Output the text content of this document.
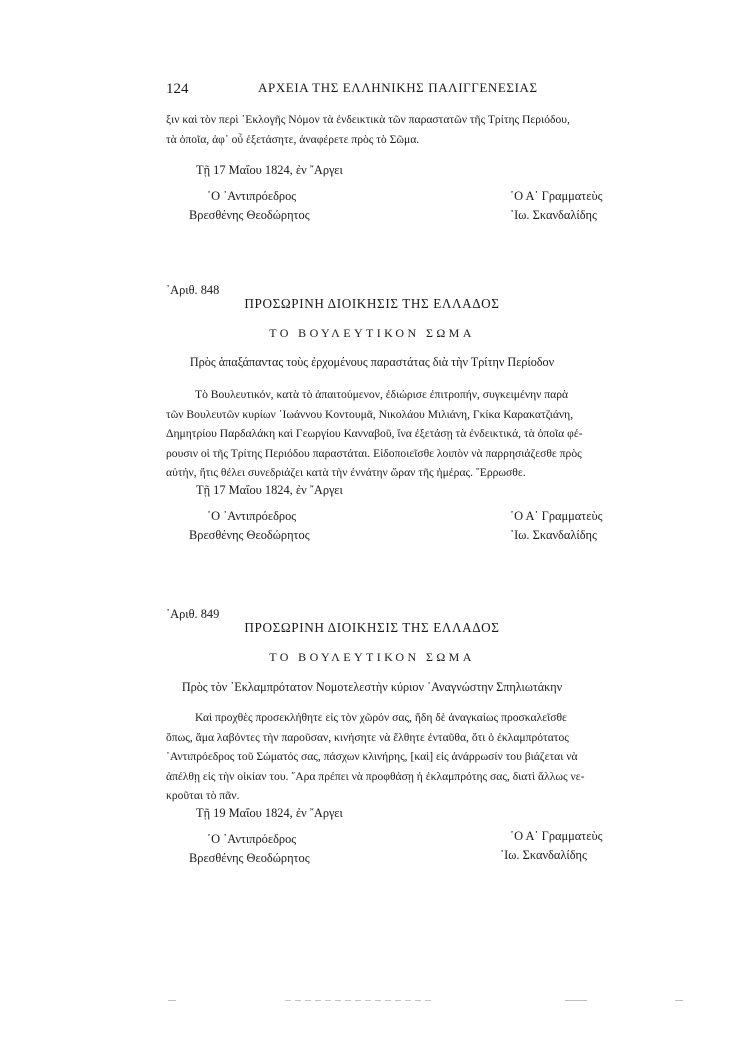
124	ΑΡΧΕΙΑ ΤΗΣ ΕΛΛΗΝΙΚΗΣ ΠΑΛΙΓΓΕΝΕΣΙΑΣ
ξιν καὶ τὸν περὶ ᾿Εκλογῆς Νόμον τὰ ἐνδεικτικὰ τῶν παραστατῶν τῆς Τρίτης Περιόδου,
τὰ ὁποῖα, ἀφ᾿ οὗ ἐξετάσητε, ἀναφέρετε πρὸς τὸ Σῶμα.
Τῇ 17 Μαΐου 1824, ἐν ῎Αργει
῾Ο ᾿Αντιπρόεδρος
Βρεσθένης Θεοδώρητος
῾Ο Α᾿ Γραμματεὺς
᾿Ιω. Σκανδαλίδης
᾿Αριθ. 848
ΠΡΟΣΩΡΙΝΗ ΔΙΟΙΚΗΣΙΣ ΤΗΣ ΕΛΛΑΔΟΣ
ΤΟ ΒΟΥΛΕΥΤΙΚΟΝ ΣΩΜΑ
Πρὸς ἁπαξάπαντας τοὺς ἐρχομένους παραστάτας διὰ τὴν Τρίτην Περίοδον
Τὸ Βουλευτικόν, κατὰ τὸ ἀπαιτούμενον, ἐδιώρισε ἐπιτροπήν, συγκειμένην παρὰ
τῶν Βουλευτῶν κυρίων ᾿Ιωάννου Κοντουμᾶ, Νικολάου Μιλιάνη, Γκίκα Καρακατζιάνη,
Δημητρίου Παρδαλάκη καὶ Γεωργίου Κανναβοῦ, ἵνα ἐξετάσῃ τὰ ἐνδεικτικά, τὰ ὁποῖα φέ-
ρουσιν οἱ τῆς Τρίτης Περιόδου παραστάται. Εἰδοποιεῖσθε λοιπὸν νὰ παρρησιάζεσθε πρὸς
αὐτήν, ἥτις θέλει συνεδριάζει κατὰ τὴν ἐννάτην ὥραν τῆς ἡμέρας. ῎Ερρωσθε.
Τῇ 17 Μαΐου 1824, ἐν ῎Αργει
῾Ο ᾿Αντιπρόεδρος
Βρεσθένης Θεοδώρητος
῾Ο Α᾿ Γραμματεὺς
᾿Ιω. Σκανδαλίδης
᾿Αριθ. 849
ΠΡΟΣΩΡΙΝΗ ΔΙΟΙΚΗΣΙΣ ΤΗΣ ΕΛΛΑΔΟΣ
ΤΟ ΒΟΥΛΕΥΤΙΚΟΝ ΣΩΜΑ
Πρὸς τὸν ᾿Εκλαμπρότατον Νομοτελεστὴν κύριον ᾿Αναγνώστην Σπηλιωτάκην
Καὶ προχθὲς προσεκλήθητε εἰς τὸν χῶρόν σας, ἤδη δὲ ἀναγκαίως προσκαλεῖσθε
ὅπως, ἅμα λαβόντες τὴν παροῦσαν, κινήσητε νὰ ἔλθητε ἐνταῦθα, ὅτι ὁ ἐκλαμπρότατος
᾿Αντιπρόεδρος τοῦ Σώματός σας, πάσχων κλινήρης, [καὶ] εἰς ἀνάρρωσίν του βιάζεται νὰ
ἀπέλθῃ εἰς τὴν οἰκίαν του. ῎Αρα πρέπει νὰ προφθάσῃ ἡ ἐκλαμπρότης σας, διατὶ ἄλλως νε-
κροῦται τὸ πᾶν.
Τῇ 19 Μαΐου 1824, ἐν ῎Αργει
῾Ο ᾿Αντιπρόεδρος
Βρεσθένης Θεοδώρητος
῾Ο Α᾿ Γραμματεὺς
᾿Ιω. Σκανδαλίδης
